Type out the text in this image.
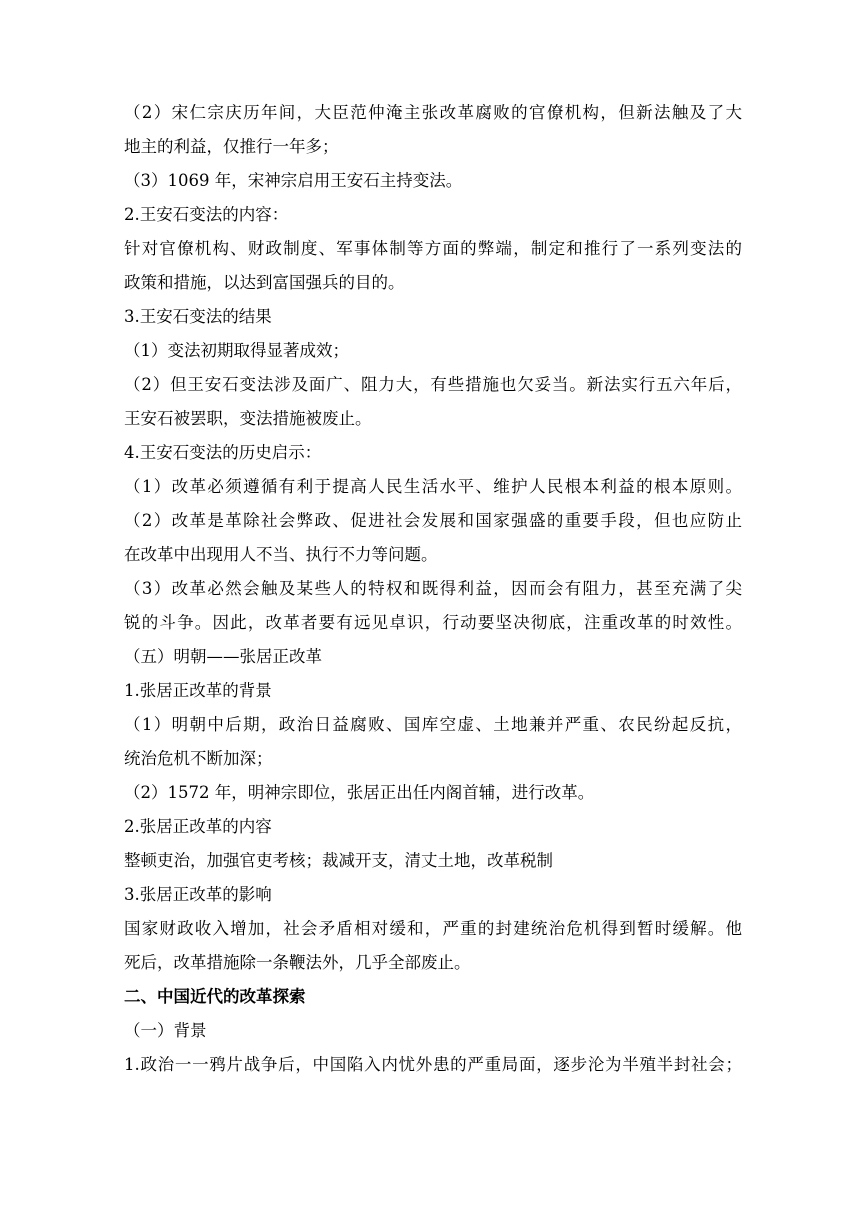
（2）宋仁宗庆历年间，大臣范仲淹主张改革腐败的官僚机构，但新法触及了大

地主的利益，仅推行一年多；

（3）1069 年，宋神宗启用王安石主持变法。

2.王安石变法的内容：

针对官僚机构、财政制度、军事体制等方面的弊端，制定和推行了一系列变法的

政策和措施，以达到富国强兵的目的。

3.王安石变法的结果

（1）变法初期取得显著成效；

（2）但王安石变法涉及面广、阻力大，有些措施也欠妥当。新法实行五六年后，

王安石被罢职，变法措施被废止。

4.王安石变法的历史启示：

（1）改革必须遵循有利于提高人民生活水平、维护人民根本利益的根本原则。

（2）改革是革除社会弊政、促进社会发展和国家强盛的重要手段，但也应防止

在改革中出现用人不当、执行不力等问题。

（3）改革必然会触及某些人的特权和既得利益，因而会有阻力，甚至充满了尖

锐的斗争。因此，改革者要有远见卓识，行动要坚决彻底，注重改革的时效性。

（五）明朝——张居正改革

1.张居正改革的背景

（1）明朝中后期，政治日益腐败、国库空虚、土地兼并严重、农民纷起反抗，

统治危机不断加深；

（2）1572 年，明神宗即位，张居正出任内阁首辅，进行改革。

2.张居正改革的内容

整顿吏治，加强官吏考核；裁减开支，清丈土地，改革税制

3.张居正改革的影响

国家财政收入增加，社会矛盾相对缓和，严重的封建统治危机得到暂时缓解。他

死后，改革措施除一条鞭法外，几乎全部废止。

二、中国近代的改革探索

（一）背景

1.政治一一鸦片战争后，中国陷入内忧外患的严重局面，逐步沦为半殖半封社会；
